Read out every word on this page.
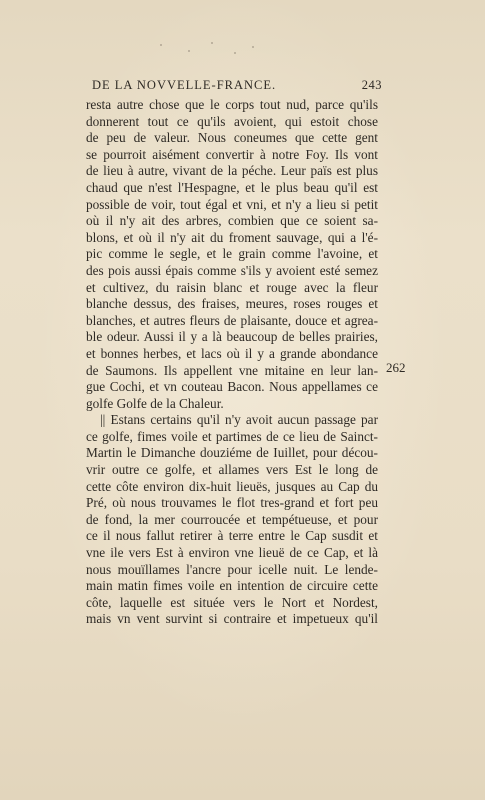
DE LA NOVVELLE-FRANCE.	243
resta autre chose que le corps tout nud, parce qu'ils
donnerent tout ce qu'ils avoient, qui estoit chose
de peu de valeur. Nous coneumes que cette gent
se pourroit aisément convertir à notre Foy. Ils vont
de lieu à autre, vivant de la péche. Leur païs est plus
chaud que n'est l'Hespagne, et le plus beau qu'il est
possible de voir, tout égal et vni, et n'y a lieu si petit
où il n'y ait des arbres, combien que ce soient sa-
blons, et où il n'y ait du froment sauvage, qui a l'é-
pic comme le segle, et le grain comme l'avoine, et
des pois aussi épais comme s'ils y avoient esté semez
et cultivez, du raisin blanc et rouge avec la fleur
blanche dessus, des fraises, meures, roses rouges et
blanches, et autres fleurs de plaisante, douce et agrea-
ble odeur. Aussi il y a là beaucoup de belles prairies,
et bonnes herbes, et lacs où il y a grande abondance
de Saumons. Ils appellent vne mitaine en leur lan-
gue Cochi, et vn couteau Bacon. Nous appellames ce
golfe Golfe de la Chaleur.
|| Estans certains qu'il n'y avoit aucun passage par
ce golfe, fimes voile et partimes de ce lieu de Sainct-
Martin le Dimanche douziéme de Iuillet, pour décou-
vrir outre ce golfe, et allames vers Est le long de
cette côte environ dix-huit lieuës, jusques au Cap du
Pré, où nous trouvames le flot tres-grand et fort peu
de fond, la mer courroucée et tempétueuse, et pour
ce il nous fallut retirer à terre entre le Cap susdit et
vne ile vers Est à environ vne lieuë de ce Cap, et là
nous mouïllames l'ancre pour icelle nuit. Le lende-
main matin fimes voile en intention de circuire cette
côte, laquelle est située vers le Nort et Nordest,
mais vn vent survint si contraire et impetueux qu'il
262
